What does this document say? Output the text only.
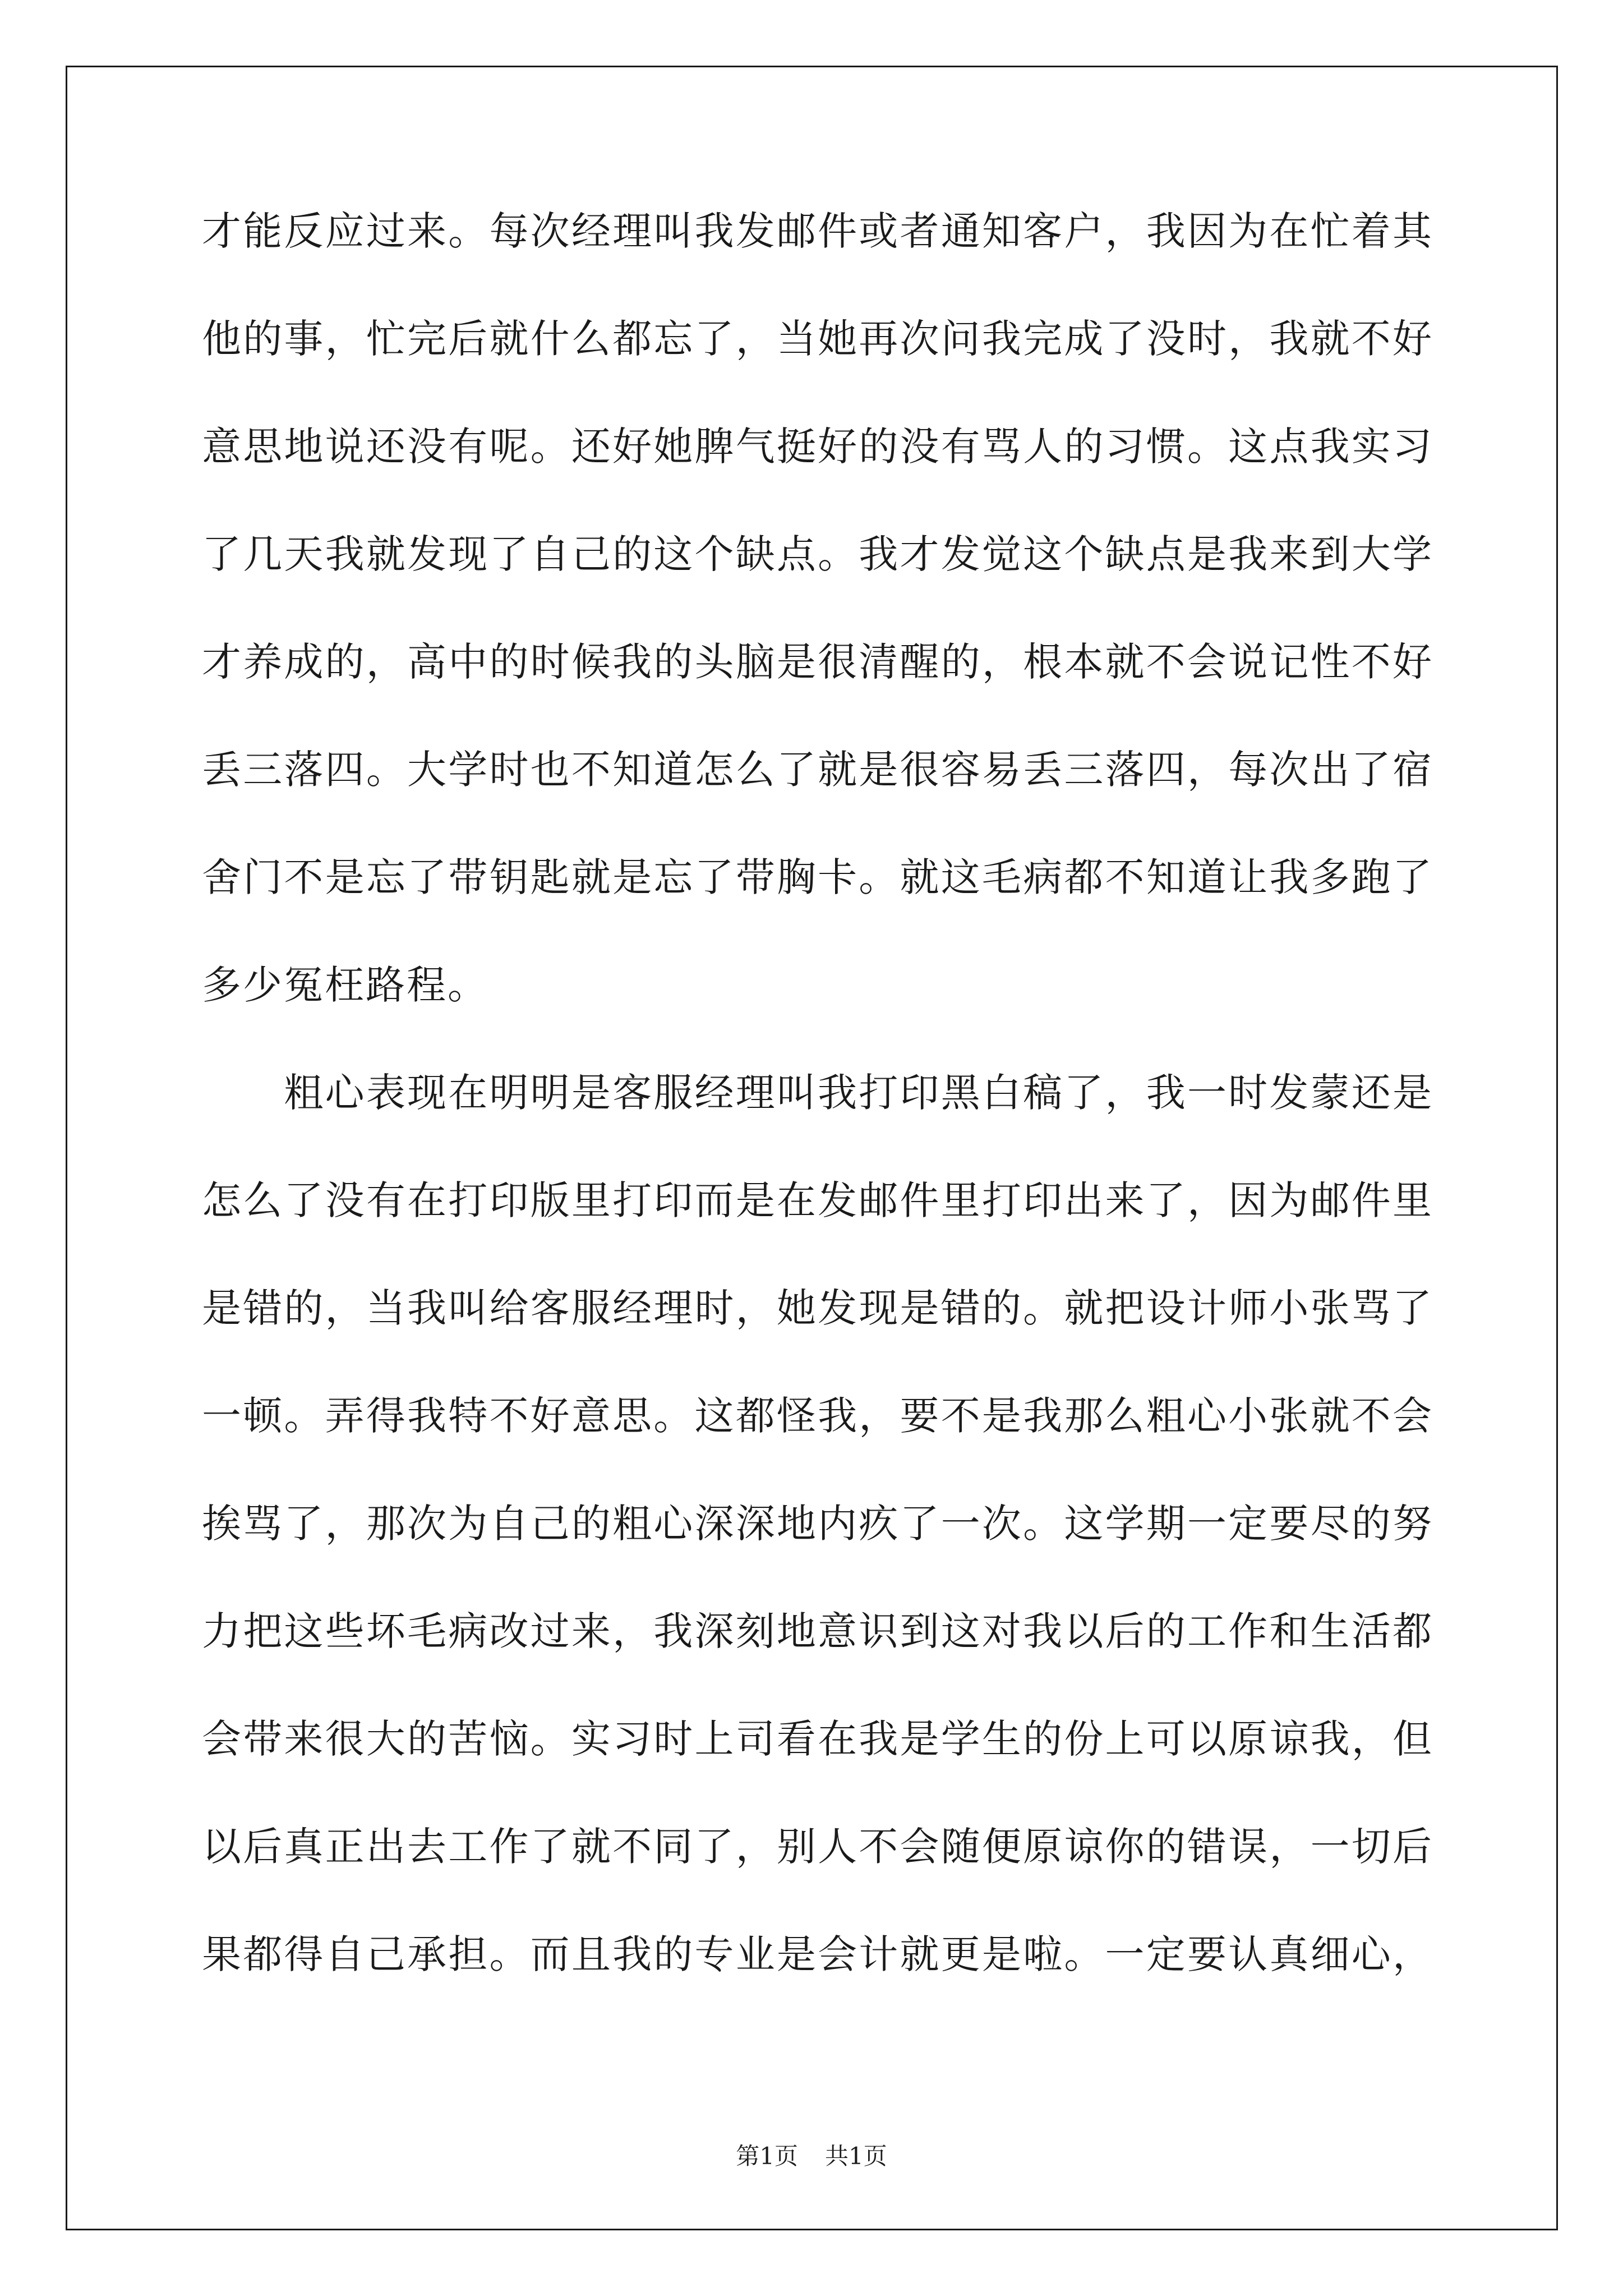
才能反应过来。每次经理叫我发邮件或者通知客户，我因为在忙着其
他的事，忙完后就什么都忘了，当她再次问我完成了没时，我就不好
意思地说还没有呢。还好她脾气挺好的没有骂人的习惯。这点我实习
了几天我就发现了自己的这个缺点。我才发觉这个缺点是我来到大学
才养成的，高中的时候我的头脑是很清醒的，根本就不会说记性不好
丢三落四。大学时也不知道怎么了就是很容易丢三落四，每次出了宿
舍门不是忘了带钥匙就是忘了带胸卡。就这毛病都不知道让我多跑了
多少冤枉路程。
　　粗心表现在明明是客服经理叫我打印黑白稿了，我一时发蒙还是
怎么了没有在打印版里打印而是在发邮件里打印出来了，因为邮件里
是错的，当我叫给客服经理时，她发现是错的。就把设计师小张骂了
一顿。弄得我特不好意思。这都怪我，要不是我那么粗心小张就不会
挨骂了，那次为自己的粗心深深地内疚了一次。这学期一定要尽的努
力把这些坏毛病改过来，我深刻地意识到这对我以后的工作和生活都
会带来很大的苦恼。实习时上司看在我是学生的份上可以原谅我，但
以后真正出去工作了就不同了，别人不会随便原谅你的错误，一切后
果都得自己承担。而且我的专业是会计就更是啦。一定要认真细心，
第1页 共1页
